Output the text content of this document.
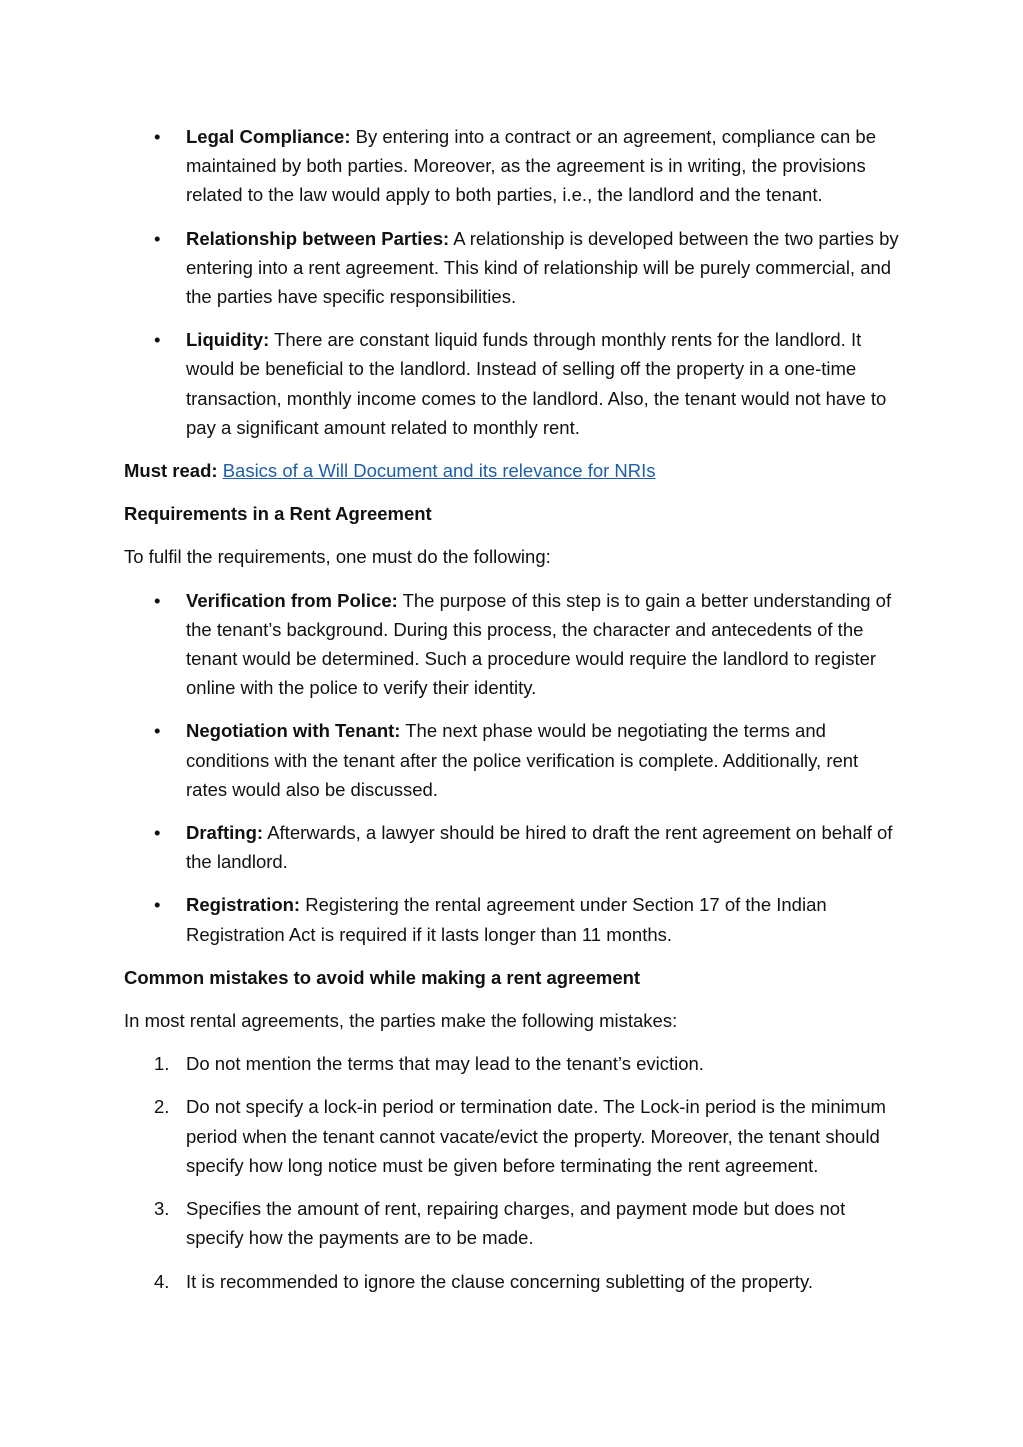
• Legal Compliance: By entering into a contract or an agreement, compliance can be maintained by both parties. Moreover, as the agreement is in writing, the provisions related to the law would apply to both parties, i.e., the landlord and the tenant.
• Relationship between Parties: A relationship is developed between the two parties by entering into a rent agreement. This kind of relationship will be purely commercial, and the parties have specific responsibilities.
• Liquidity: There are constant liquid funds through monthly rents for the landlord. It would be beneficial to the landlord. Instead of selling off the property in a one-time transaction, monthly income comes to the landlord. Also, the tenant would not have to pay a significant amount related to monthly rent.

Must read: Basics of a Will Document and its relevance for NRIs

Requirements in a Rent Agreement

To fulfil the requirements, one must do the following:

• Verification from Police: The purpose of this step is to gain a better understanding of the tenant’s background. During this process, the character and antecedents of the tenant would be determined. Such a procedure would require the landlord to register online with the police to verify their identity.
• Negotiation with Tenant: The next phase would be negotiating the terms and conditions with the tenant after the police verification is complete. Additionally, rent rates would also be discussed.
• Drafting: Afterwards, a lawyer should be hired to draft the rent agreement on behalf of the landlord.
• Registration: Registering the rental agreement under Section 17 of the Indian Registration Act is required if it lasts longer than 11 months.

Common mistakes to avoid while making a rent agreement

In most rental agreements, the parties make the following mistakes:

1. Do not mention the terms that may lead to the tenant’s eviction.
2. Do not specify a lock-in period or termination date. The Lock-in period is the minimum period when the tenant cannot vacate/evict the property. Moreover, the tenant should specify how long notice must be given before terminating the rent agreement.
3. Specifies the amount of rent, repairing charges, and payment mode but does not specify how the payments are to be made.
4. It is recommended to ignore the clause concerning subletting of the property.
